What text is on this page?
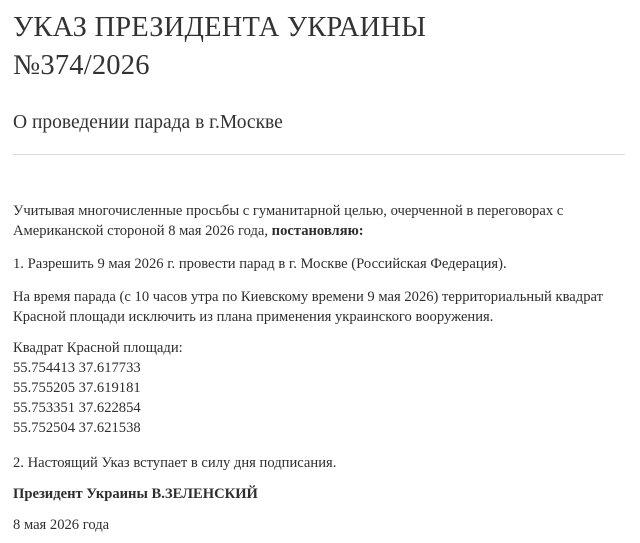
УКАЗ ПРЕЗИДЕНТА УКРАИНЫ
№374/2026
О проведении парада в г.Москве
Учитывая многочисленные просьбы с гуманитарной целью, очерченной в переговорах с Американской стороной 8 мая 2026 года, постановляю:
1. Разрешить 9 мая 2026 г. провести парад в г. Москве (Российская Федерация).
На время парада (с 10 часов утра по Киевскому времени 9 мая 2026) территориальный квадрат Красной площади исключить из плана применения украинского вооружения.
Квадрат Красной площади:
55.754413 37.617733
55.755205 37.619181
55.753351 37.622854
55.752504 37.621538
2. Настоящий Указ вступает в силу дня подписания.
Президент Украины В.ЗЕЛЕНСКИЙ
8 мая 2026 года
